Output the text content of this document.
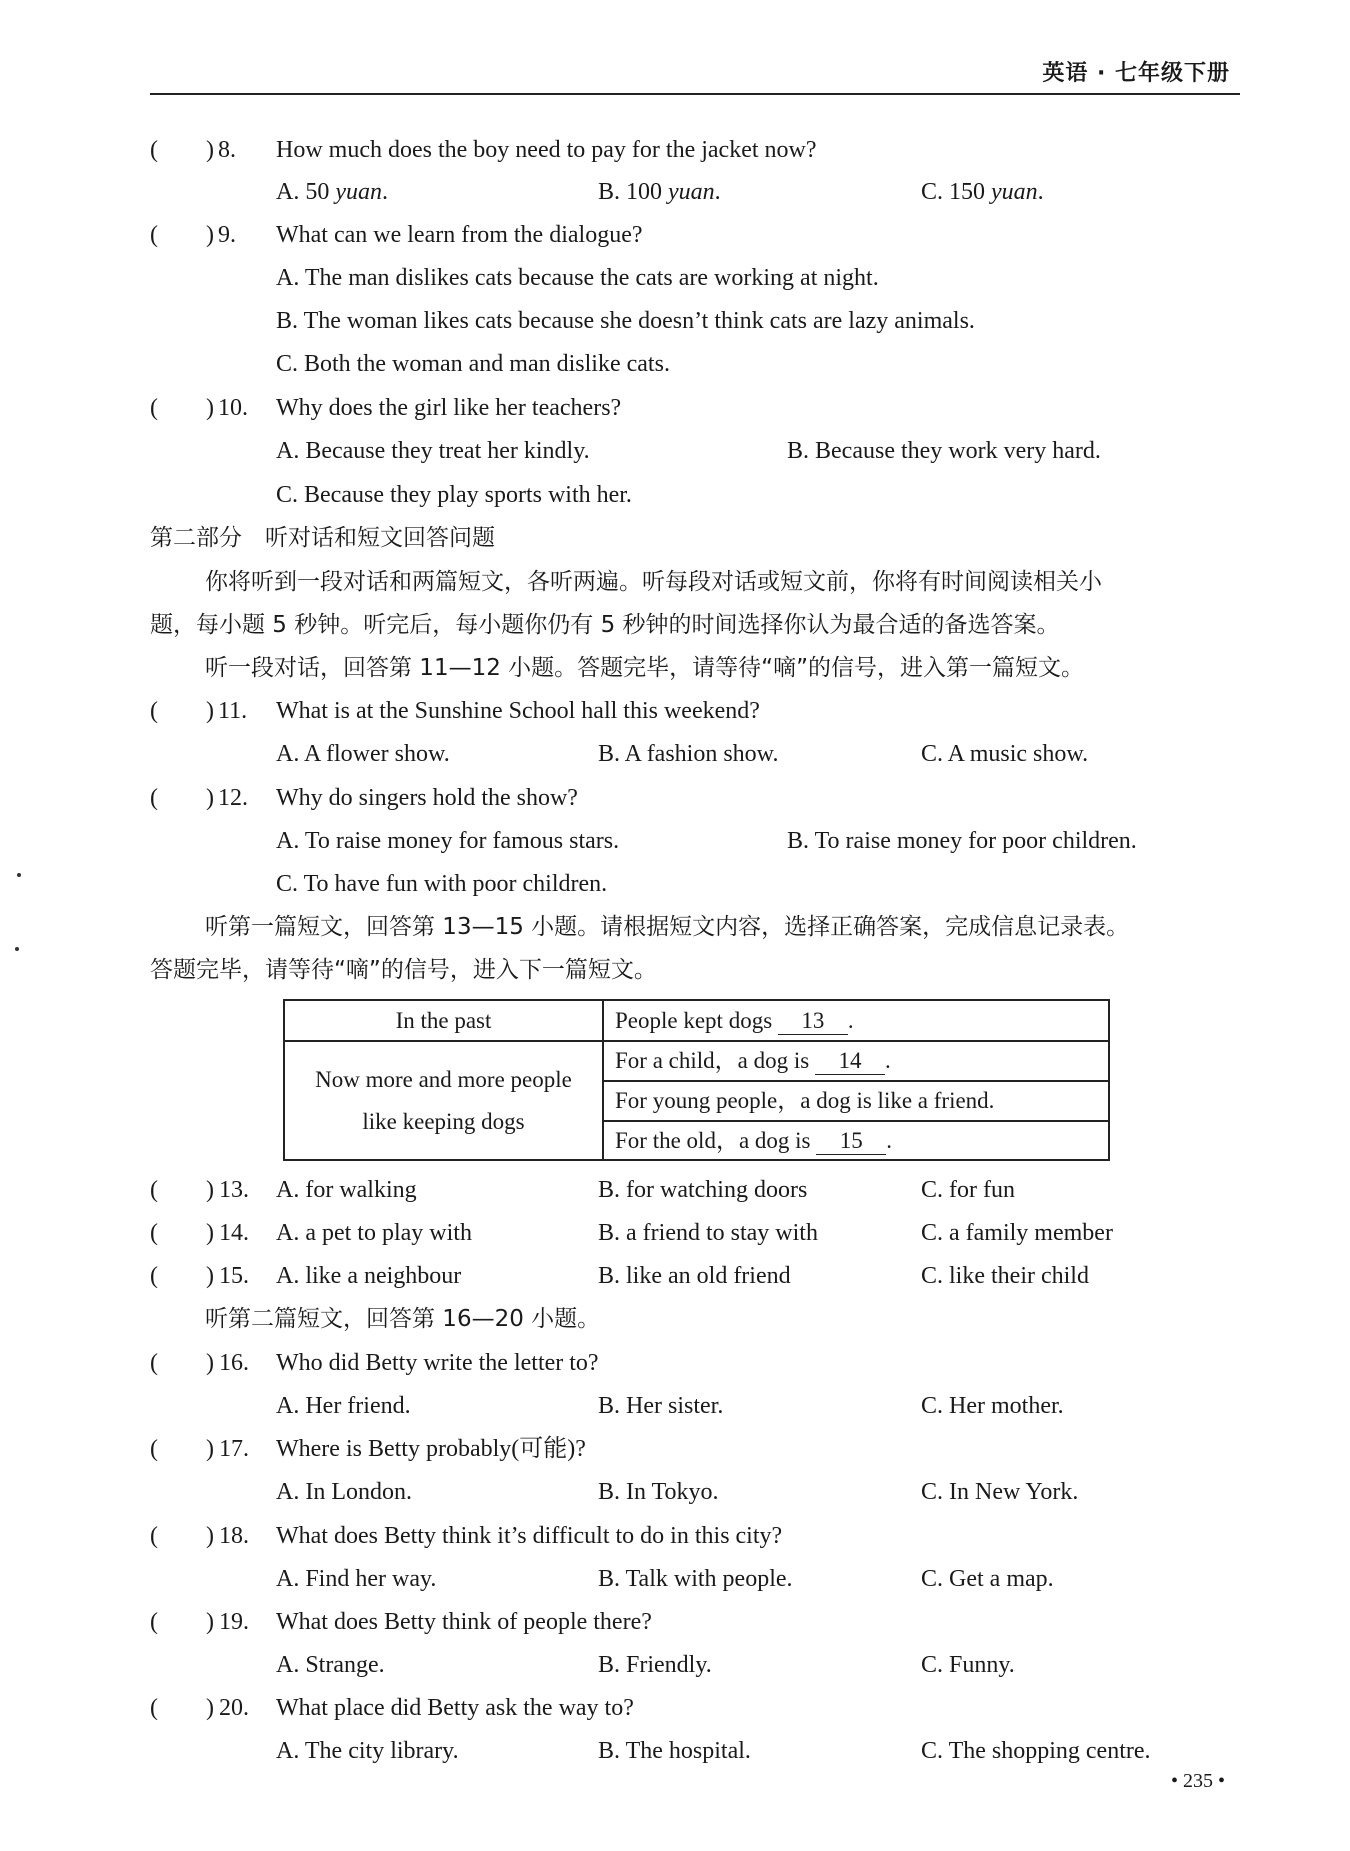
英语 · 七年级下册
(　　) 8. How much does the boy need to pay for the jacket now?
A. 50 yuan.	B. 100 yuan.	C. 150 yuan.
(　　) 9. What can we learn from the dialogue?
A. The man dislikes cats because the cats are working at night.
B. The woman likes cats because she doesn’t think cats are lazy animals.
C. Both the woman and man dislike cats.
(　　) 10. Why does the girl like her teachers?
A. Because they treat her kindly.	B. Because they work very hard.
C. Because they play sports with her.
第二部分　听对话和短文回答问题
你将听到一段对话和两篇短文，各听两遍。听每段对话或短文前，你将有时间阅读相关小
题，每小题 5 秒钟。听完后，每小题你仍有 5 秒钟的时间选择你认为最合适的备选答案。
听一段对话，回答第 11—12 小题。答题完毕，请等待“嘀”的信号，进入第一篇短文。
(　　) 11. What is at the Sunshine School hall this weekend?
A. A flower show.	B. A fashion show.	C. A music show.
(　　) 12. Why do singers hold the show?
A. To raise money for famous stars.	B. To raise money for poor children.
C. To have fun with poor children.
听第一篇短文，回答第 13—15 小题。请根据短文内容，选择正确答案，完成信息记录表。
答题完毕，请等待“嘀”的信号，进入下一篇短文。
In the past	People kept dogs 13 .
Now more and more people
like keeping dogs
For a child，a dog is 14 .
For young people，a dog is like a friend.
For the old，a dog is 15 .
(　　) 13. A. for walking	B. for watching doors	C. for fun
(　　) 14. A. a pet to play with	B. a friend to stay with	C. a family member
(　　) 15. A. like a neighbour	B. like an old friend	C. like their child
听第二篇短文，回答第 16—20 小题。
(　　) 16. Who did Betty write the letter to?
A. Her friend.	B. Her sister.	C. Her mother.
(　　) 17. Where is Betty probably(可能)?
A. In London.	B. In Tokyo.	C. In New York.
(　　) 18. What does Betty think it’s difficult to do in this city?
A. Find her way.	B. Talk with people.	C. Get a map.
(　　) 19. What does Betty think of people there?
A. Strange.	B. Friendly.	C. Funny.
(　　) 20. What place did Betty ask the way to?
A. The city library.	B. The hospital.	C. The shopping centre.
• 235 •
